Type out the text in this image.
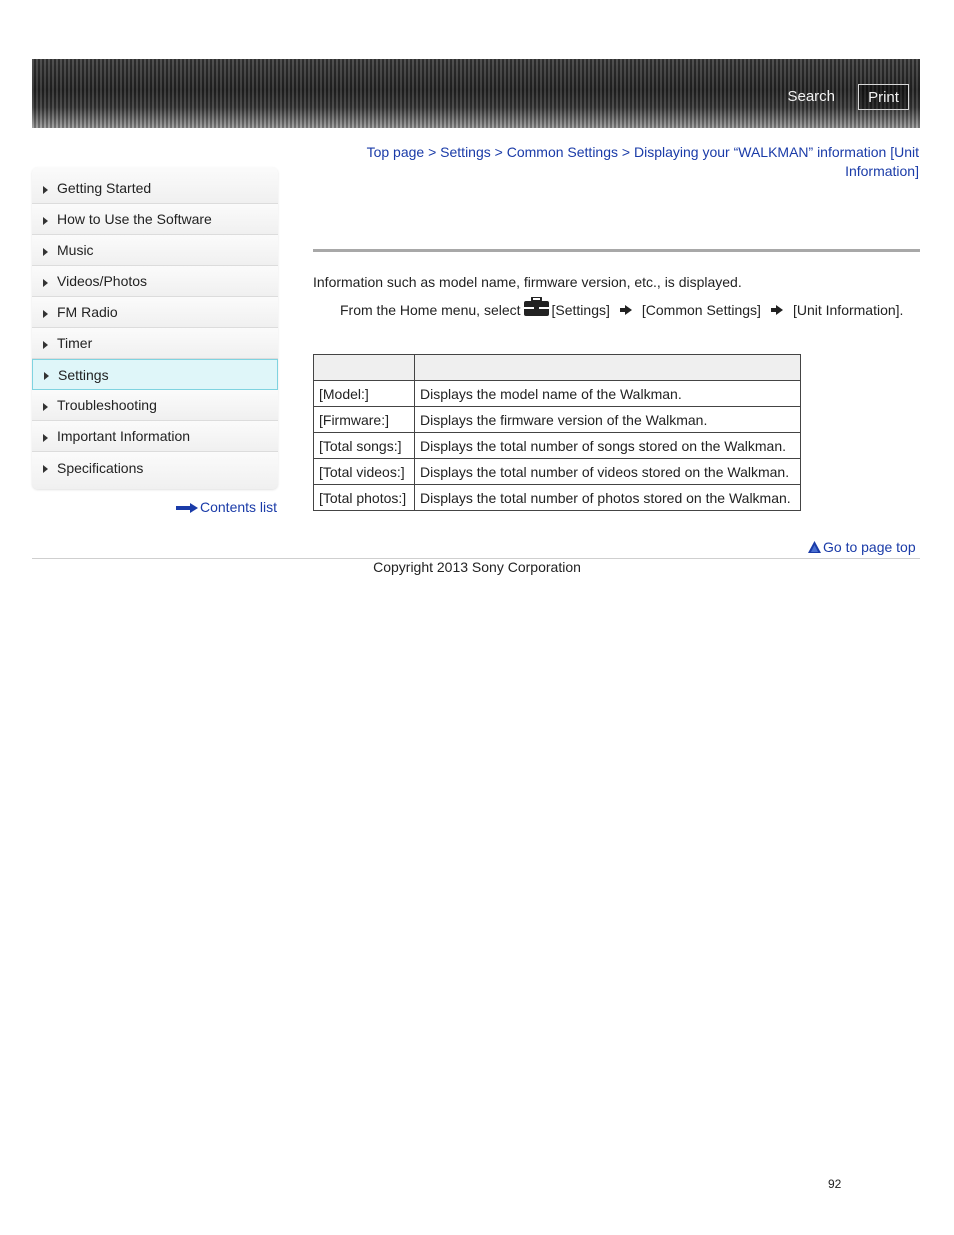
Search	Print
Getting Started
How to Use the Software
Music
Videos/Photos
FM Radio
Timer
Settings
Troubleshooting
Important Information
Specifications
Contents list
Top page > Settings > Common Settings > Displaying your “WALKMAN” information [Unit Information]
Information such as model name, firmware version, etc., is displayed.
From the Home menu, select [Settings] [Common Settings] [Unit Information].

[Model:]	Displays the model name of the Walkman.
[Firmware:]	Displays the firmware version of the Walkman.
[Total songs:]	Displays the total number of songs stored on the Walkman.
[Total videos:]	Displays the total number of videos stored on the Walkman.
[Total photos:]	Displays the total number of photos stored on the Walkman.
Go to page top
Copyright 2013 Sony Corporation
92
